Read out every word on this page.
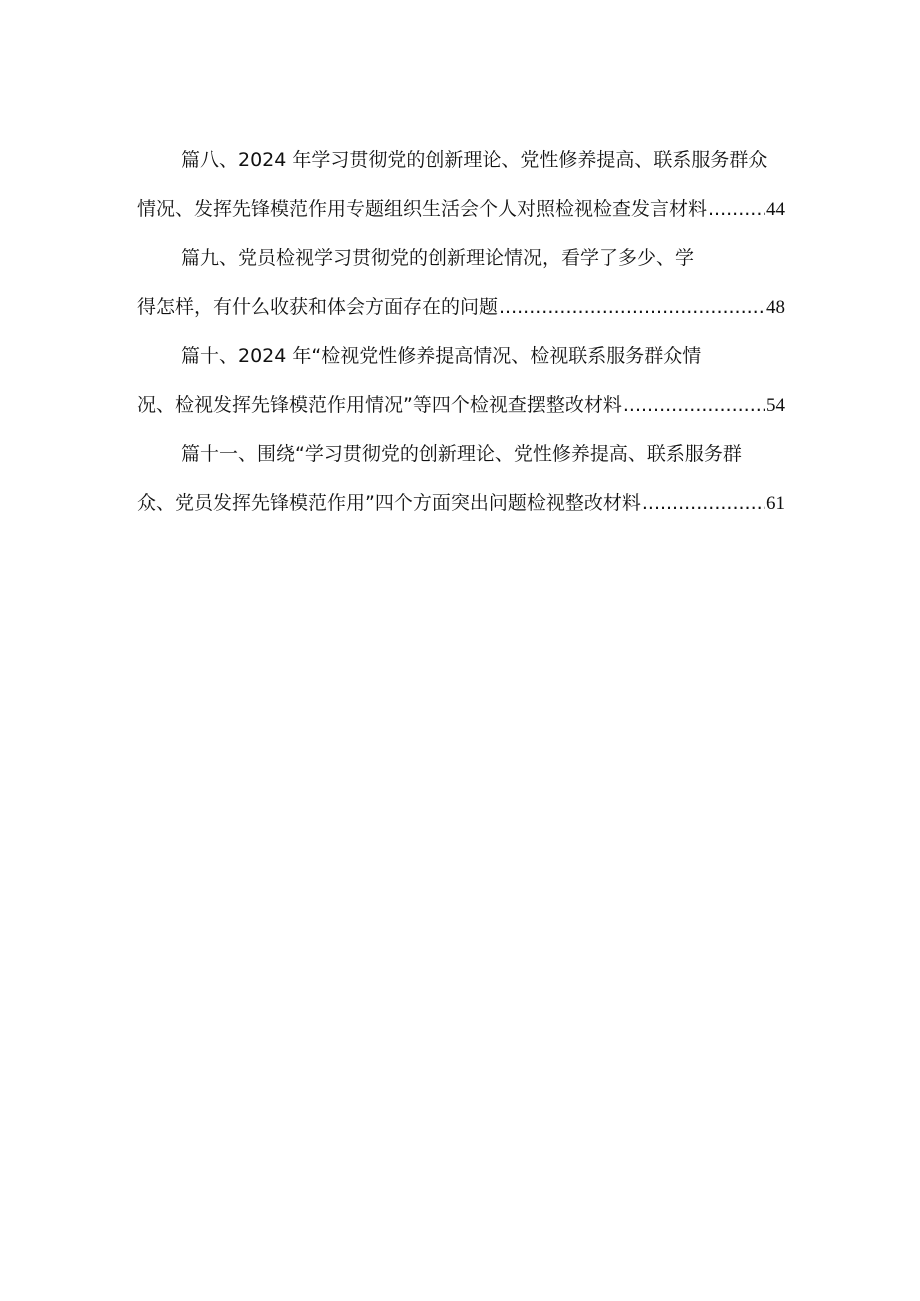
篇八、2024 年学习贯彻党的创新理论、党性修养提高、联系服务群众
情况、发挥先锋模范作用专题组织生活会个人对照检视检查发言材料 .....	44
篇九、党员检视学习贯彻党的创新理论情况，看学了多少、学
得怎样，有什么收获和体会方面存在的问题 .....	48
篇十、2024 年“检视党性修养提高情况、检视联系服务群众情
况、检视发挥先锋模范作用情况”等四个检视查摆整改材料 .....	54
篇十一、围绕“学习贯彻党的创新理论、党性修养提高、联系服务群
众、党员发挥先锋模范作用”四个方面突出问题检视整改材料 .....	61
